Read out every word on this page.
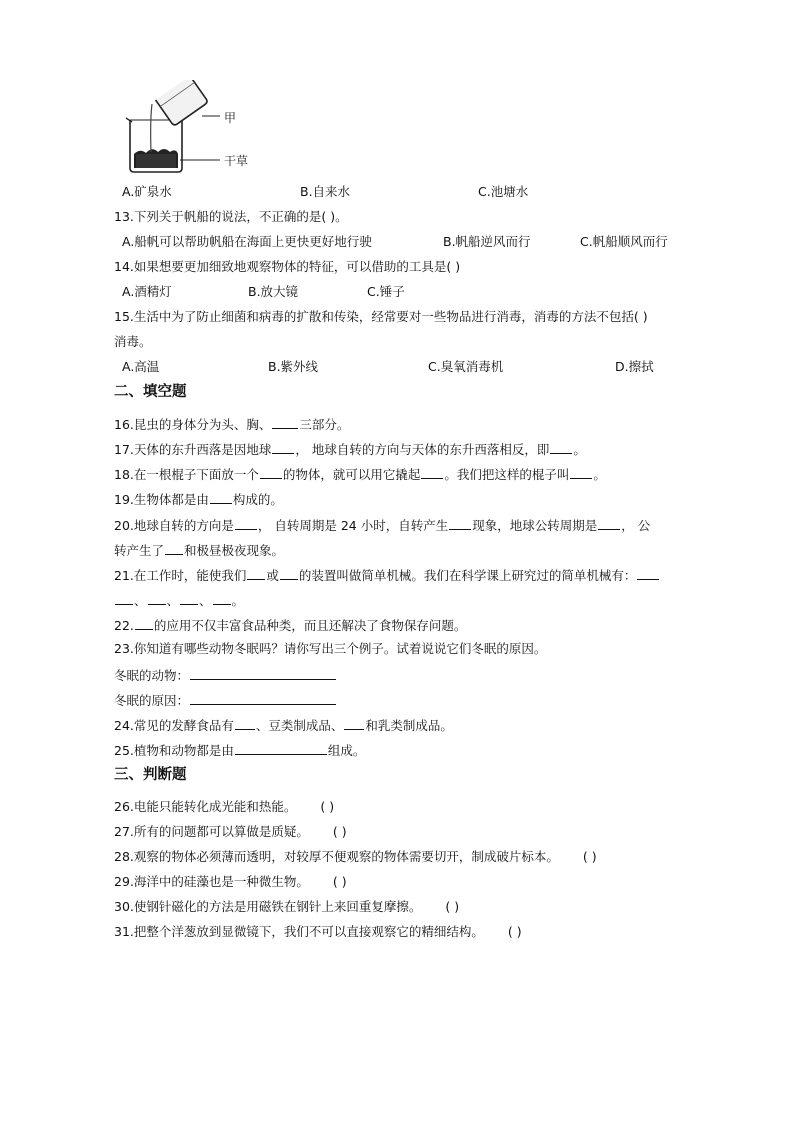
甲
干草
A.矿泉水	B.自来水	C.池塘水
13.下列关于帆船的说法，不正确的是( )。
A.船帆可以帮助帆船在海面上更快更好地行驶	B.帆船逆风而行	C.帆船顺风而行
14.如果想要更加细致地观察物体的特征，可以借助的工具是( )
A.酒精灯	B.放大镜	C.锤子
15.生活中为了防止细菌和病毒的扩散和传染，经常要对一些物品进行消毒，消毒的方法不包括( )
消毒。
A.高温	B.紫外线	C.臭氧消毒机	D.擦拭
二、填空题
16.昆虫的身体分为头、胸、 三部分。
17.天体的东升西落是因地球 ， 地球自转的方向与天体的东升西落相反，即 。
18.在一根棍子下面放一个 的物体，就可以用它撬起 。我们把这样的棍子叫 。
19.生物体都是由 构成的。
20.地球自转的方向是 ， 自转周期是 24 小时，自转产生 现象，地球公转周期是 ， 公
转产生了 和极昼极夜现象。
21.在工作时，能使我们 或 的装置叫做简单机械。我们在科学课上研究过的简单机械有：
、 、 、 。
22. 的应用不仅丰富食品种类，而且还解决了食物保存问题。
23.你知道有哪些动物冬眠吗？请你写出三个例子。试着说说它们冬眠的原因。
冬眠的动物：
冬眠的原因：
24.常见的发酵食品有 、豆类制成品、 和乳类制成品。
25.植物和动物都是由	组成。
三、判断题
26.电能只能转化成光能和热能。 ( )
27.所有的问题都可以算做是质疑。 ( )
28.观察的物体必须薄而透明，对较厚不便观察的物体需要切开，制成破片标本。 ( )
29.海洋中的硅藻也是一种微生物。 ( )
30.使钢针磁化的方法是用磁铁在钢针上来回重复摩擦。 ( )
31.把整个洋葱放到显微镜下，我们不可以直接观察它的精细结构。 ( )
